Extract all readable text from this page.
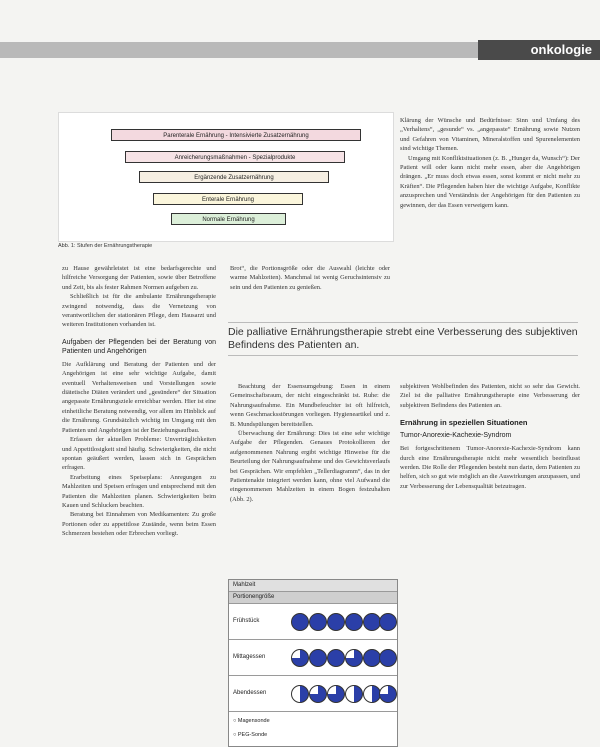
onkologie
Parenterale Ernährung - Intensivierte Zusatzernährung
Anreicherungsmaßnahmen - Spezialprodukte
Ergänzende Zusatzernährung
Enterale Ernährung
Normale Ernährung
Abb. 1: Stufen der Ernährungstherapie

Klärung der Wünsche und Bedürfnisse: Sinn und Umfang des „Verhaltens“, „gesunde“ vs. „angepasste“ Ernährung sowie Nutzen und Gefahren von Vitaminen, Mineralstoffen und Spurenelementen sind wichtige Themen.

Umgang mit Konfliktsituationen (z. B. „Hunger da, Wunsch“): Der Patient will oder kann nicht mehr essen, aber die Angehörigen drängen. „Er muss doch etwas essen, sonst kommt er nicht mehr zu Kräften“. Die Pflegenden haben hier die wichtige Aufgabe, Konflikte anzusprechen und Verständnis der Angehörigen für den Patienten zu gewinnen, der das Essen verweigern kann.

zu Hause gewährleistet ist eine bedarfsgerechte und hilfreiche Versorgung der Patienten, sowie über Betroffene und Zeit, bis als fester Rahmen Normen aufgeben zu.

Schließlich ist für die ambulante Ernährungstherapie zwingend notwendig, dass die Vernetzung von verantwortlichen der stationären Pflege, dem Hausarzt und weiteren Institutionen vorhanden ist.

Aufgaben der Pflegenden bei der Beratung von Patienten und Angehörigen

Die Aufklärung und Beratung der Patienten und der Angehörigen ist eine sehr wichtige Aufgabe, damit eventuell Verhaltensweisen und Vorstellungen sowie diätetische Diäten verändert und „gesündere“ der Situation angepasste Ernährungsziele erreichbar werden. Hier ist eine einheitliche Beratung notwendig, vor allem im Hinblick auf die Ernährung. Grundsätzlich wichtig im Umgang mit den Patienten und Angehörigen ist der Beziehungsaufbau.

Erfassen der aktuellen Probleme: Unverträglichkeiten und Appetitlosigkeit sind häufig. Schwierigkeiten, die nicht spontan geäußert werden, lassen sich in Gesprächen erfragen.

Erarbeitung eines Speiseplans: Anregungen zu Mahlzeiten und Speisen erfragen und entsprechend mit den Patienten die Mahlzeiten planen. Schwierigkeiten beim Kauen und Schlucken beachten.

Beratung bei Einnahmen von Medikamenten: Zu große Portionen oder zu appetitlose Zustände, wenn beim Essen Schmerzen bestehen oder Erbrechen vorliegt.

Brot“, die Portionsgröße oder die Auswahl (leichte oder warme Mahlzeiten). Manchmal ist wenig Geruchsintensiv zu sein und den Patienten zu genießen.

Die palliative Ernährungstherapie strebt eine Verbesserung des subjektiven Befindens des Patienten an.

Beachtung der Essensumgebung: Essen in einem Gemeinschaftsraum, der nicht eingeschränkt ist. Ruhe: die Nahrungsaufnahme. Ein Mundbefeuchter ist oft hilfreich, wenn Geschmacksstörungen vorliegen. Hygieneartikel und z. B. Mundspülungen bereitstellen.

Überwachung der Ernährung: Dies ist eine sehr wichtige Aufgabe der Pflegenden. Genaues Protokollieren der aufgenommenen Nahrung ergibt wichtige Hinweise für die Beurteilung der Nahrungsaufnahme und des Gewichtsverlaufs bei Gesprächen. Wir empfehlen „Tellerdiagramm“, das in der Patientenakte integriert werden kann, ohne viel Aufwand die eingenommenen Mahlzeiten in einem Bogen festzuhalten (Abb. 2).

subjektiven Wohlbefinden des Patienten, nicht so sehr das Gewicht. Ziel ist die palliative Ernährungstherapie eine Verbesserung der subjektiven Befindens des Patienten an.

Ernährung in speziellen Situationen
Tumor-Anorexie-Kachexie-Syndrom

Bei fortgeschrittenem Tumor-Anorexie-Kachexie-Syndrom kann durch eine Ernährungstherapie nicht mehr wesentlich beeinflusst werden. Die Rolle der Pflegenden besteht nun darin, dem Patienten zu helfen, sich so gut wie möglich an die Auswirkungen anzupassen, und zur Verbesserung der Lebensqualität beizutragen.

Mahlzeit
Portionengröße
Frühstück
Mittagessen
Abendessen
○ Magensonde
○ PEG-Sonde
